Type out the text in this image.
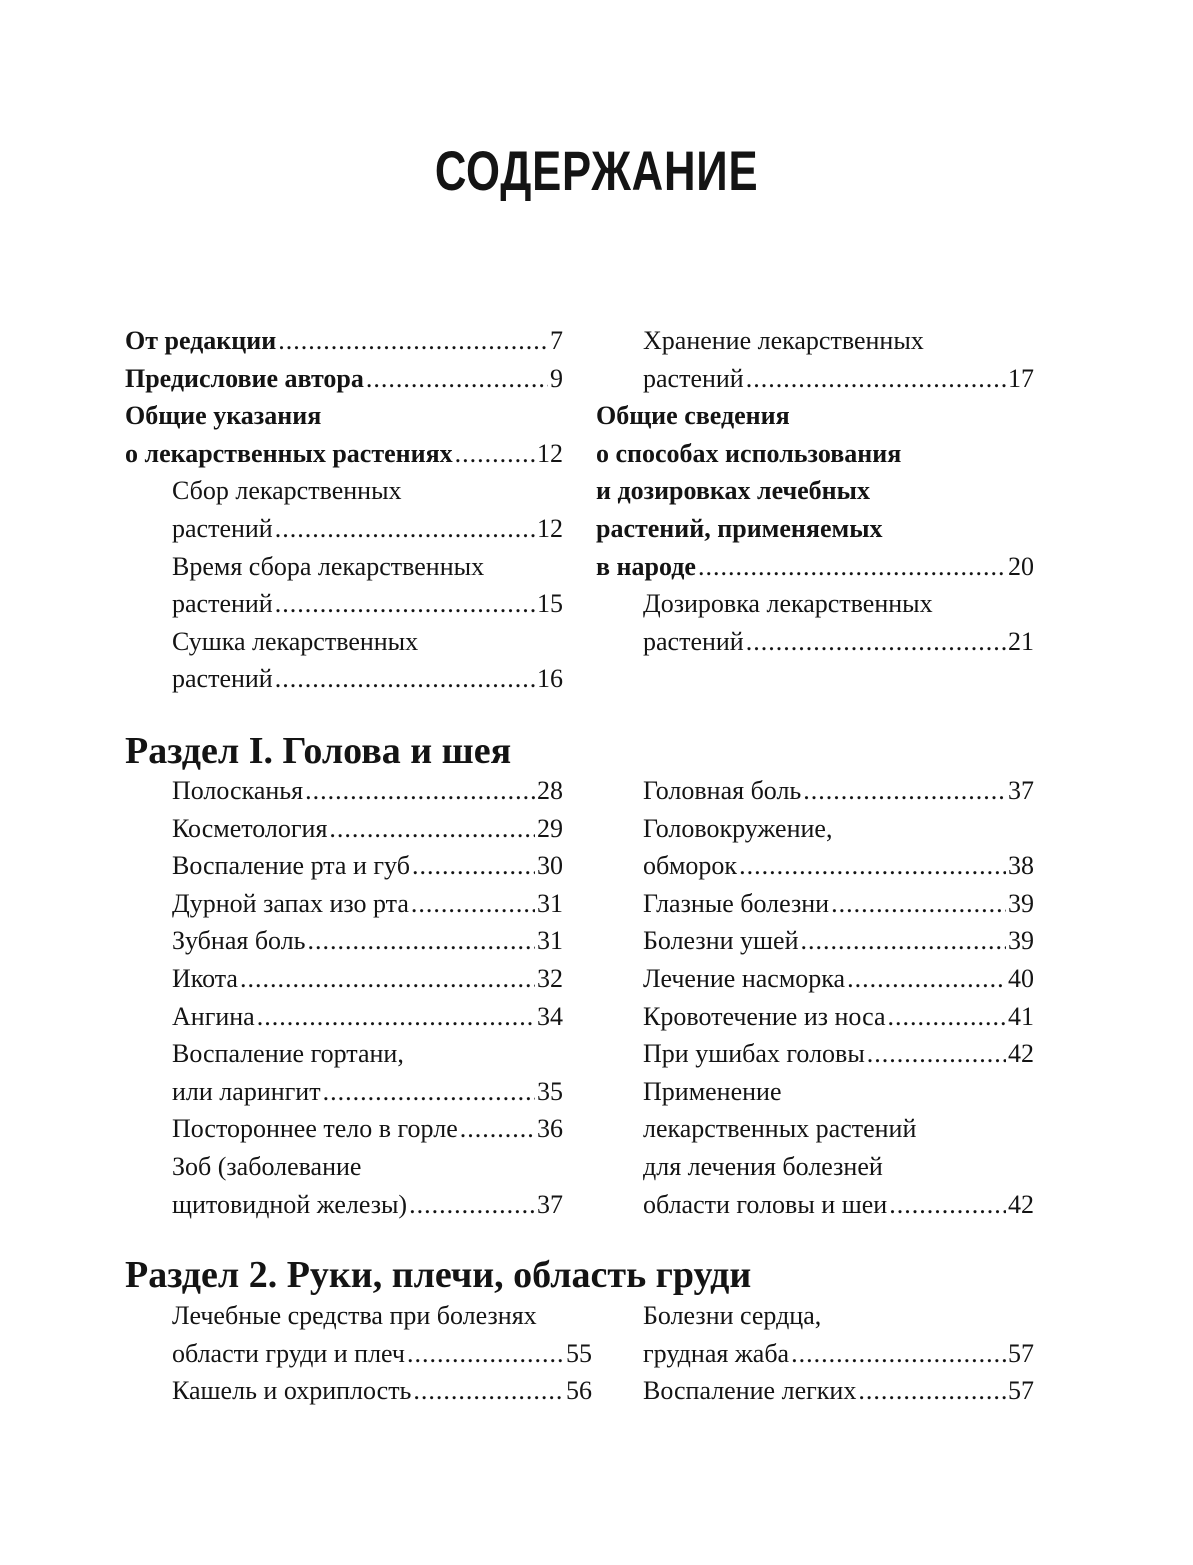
СОДЕРЖАНИЕ
От редакции .....	7
Предисловие автора .....	9
Общие указания
о лекарственных растениях .....	12
Сбор лекарственных
растений .....	12
Время сбора лекарственных
растений .....	15
Сушка лекарственных
растений .....	16
Хранение лекарственных
растений .....	17
Общие сведения
о способах использования
и дозировках лечебных
растений, применяемых
в народе .....	20
Дозировка лекарственных
растений .....	21
Раздел I. Голова и шея
Полосканья .....	28
Косметология .....	29
Воспаление рта и губ .....	30
Дурной запах изо рта .....	31
Зубная боль .....	31
Икота .....	32
Ангина .....	34
Воспаление гортани,
или ларингит .....	35
Постороннее тело в горле .....	36
Зоб (заболевание
щитовидной железы) .....	37
Головная боль .....	37
Головокружение,
обморок .....	38
Глазные болезни .....	39
Болезни ушей .....	39
Лечение насморка .....	40
Кровотечение из носа .....	41
При ушибах головы .....	42
Применение
лекарственных растений
для лечения болезней
области головы и шеи .....	42
Раздел 2. Руки, плечи, область груди
Лечебные средства при болезнях
области груди и плеч .....	55
Кашель и охриплость .....	56
Болезни сердца,
грудная жаба .....	57
Воспаление легких .....	57
